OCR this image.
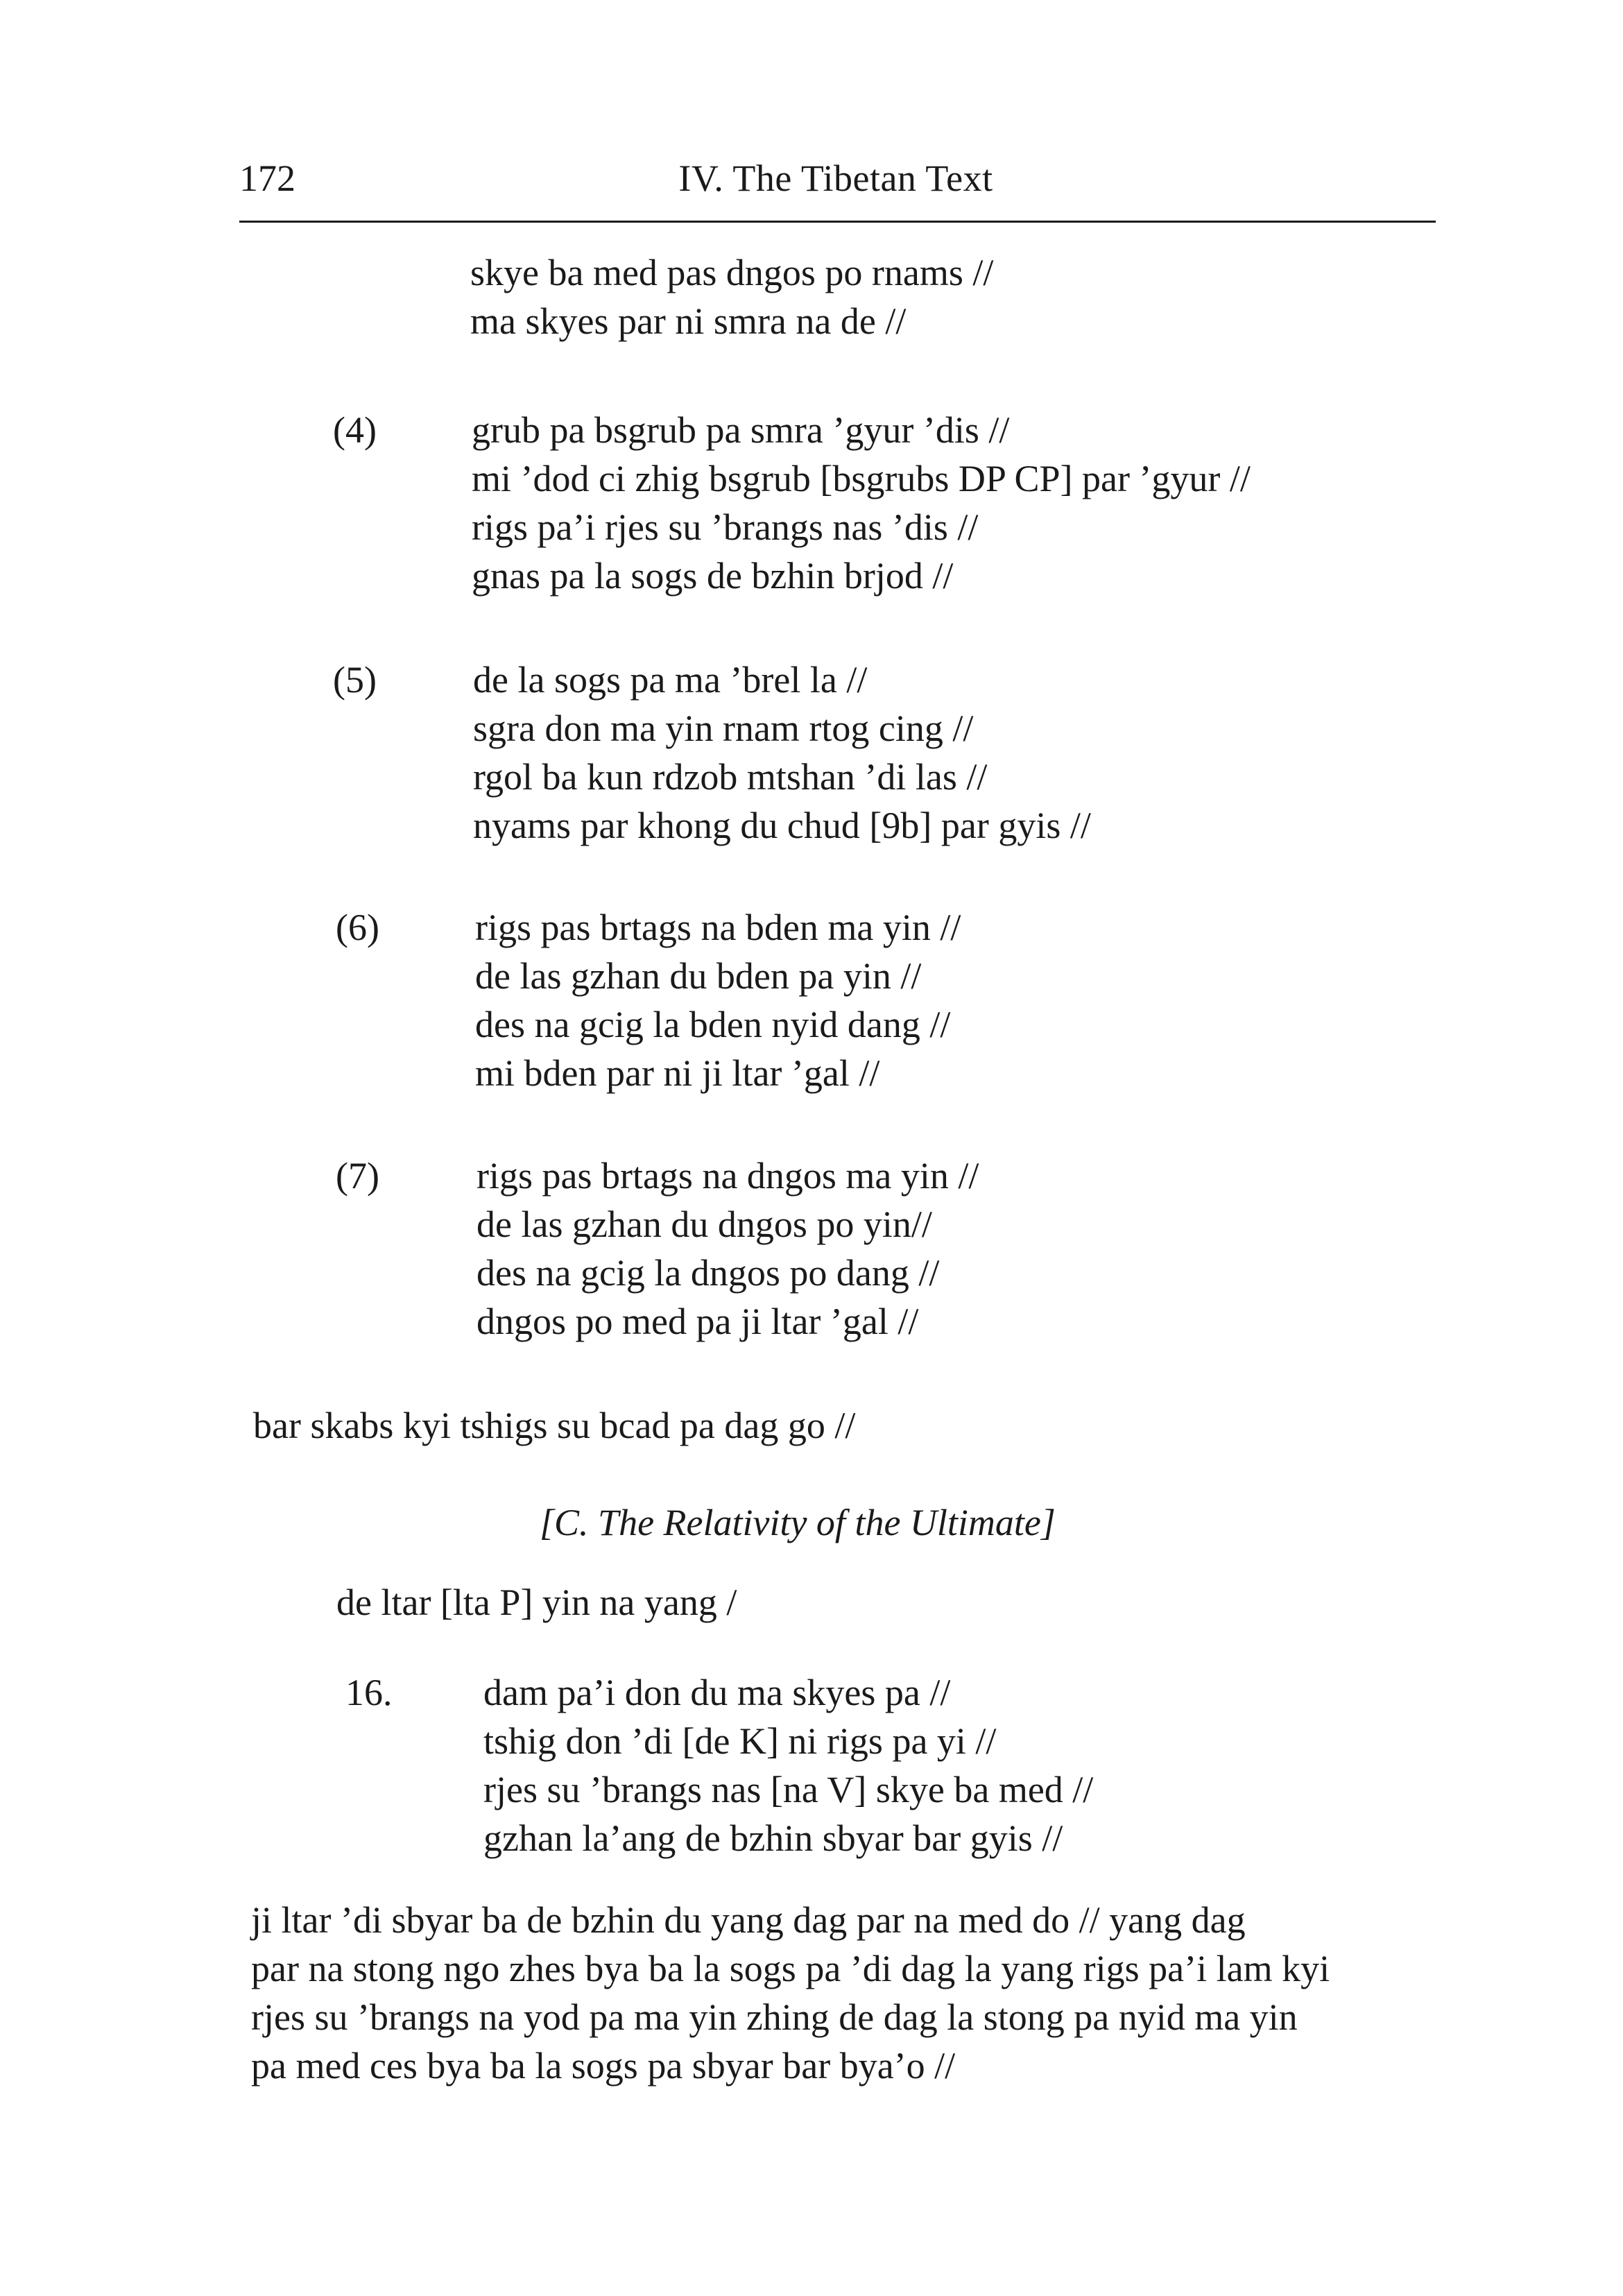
172	IV. The Tibetan Text
skye ba med pas dngos po rnams //
ma skyes par ni smra na de //
(4)	grub pa bsgrub pa smra ’gyur ’dis //
mi ’dod ci zhig bsgrub [bsgrubs DP CP] par ’gyur //
rigs pa’i rjes su ’brangs nas ’dis //
gnas pa la sogs de bzhin brjod //
(5)	de la sogs pa ma ’brel la //
sgra don ma yin rnam rtog cing //
rgol ba kun rdzob mtshan ’di las //
nyams par khong du chud [9b] par gyis //
(6)	rigs pas brtags na bden ma yin //
de las gzhan du bden pa yin //
des na gcig la bden nyid dang //
mi bden par ni ji ltar ’gal //
(7)	rigs pas brtags na dngos ma yin //
de las gzhan du dngos po yin//
des na gcig la dngos po dang //
dngos po med pa ji ltar ’gal //
bar skabs kyi tshigs su bcad pa dag go //
[C. The Relativity of the Ultimate]
de ltar [lta P] yin na yang /
16. dam pa’i don du ma skyes pa //
tshig don ’di [de K] ni rigs pa yi //
rjes su ’brangs nas [na V] skye ba med //
gzhan la’ang de bzhin sbyar bar gyis //
ji ltar ’di sbyar ba de bzhin du yang dag par na med do // yang dag
par na stong ngo zhes bya ba la sogs pa ’di dag la yang rigs pa’i lam kyi
rjes su ’brangs na yod pa ma yin zhing de dag la stong pa nyid ma yin
pa med ces bya ba la sogs pa sbyar bar bya’o //
